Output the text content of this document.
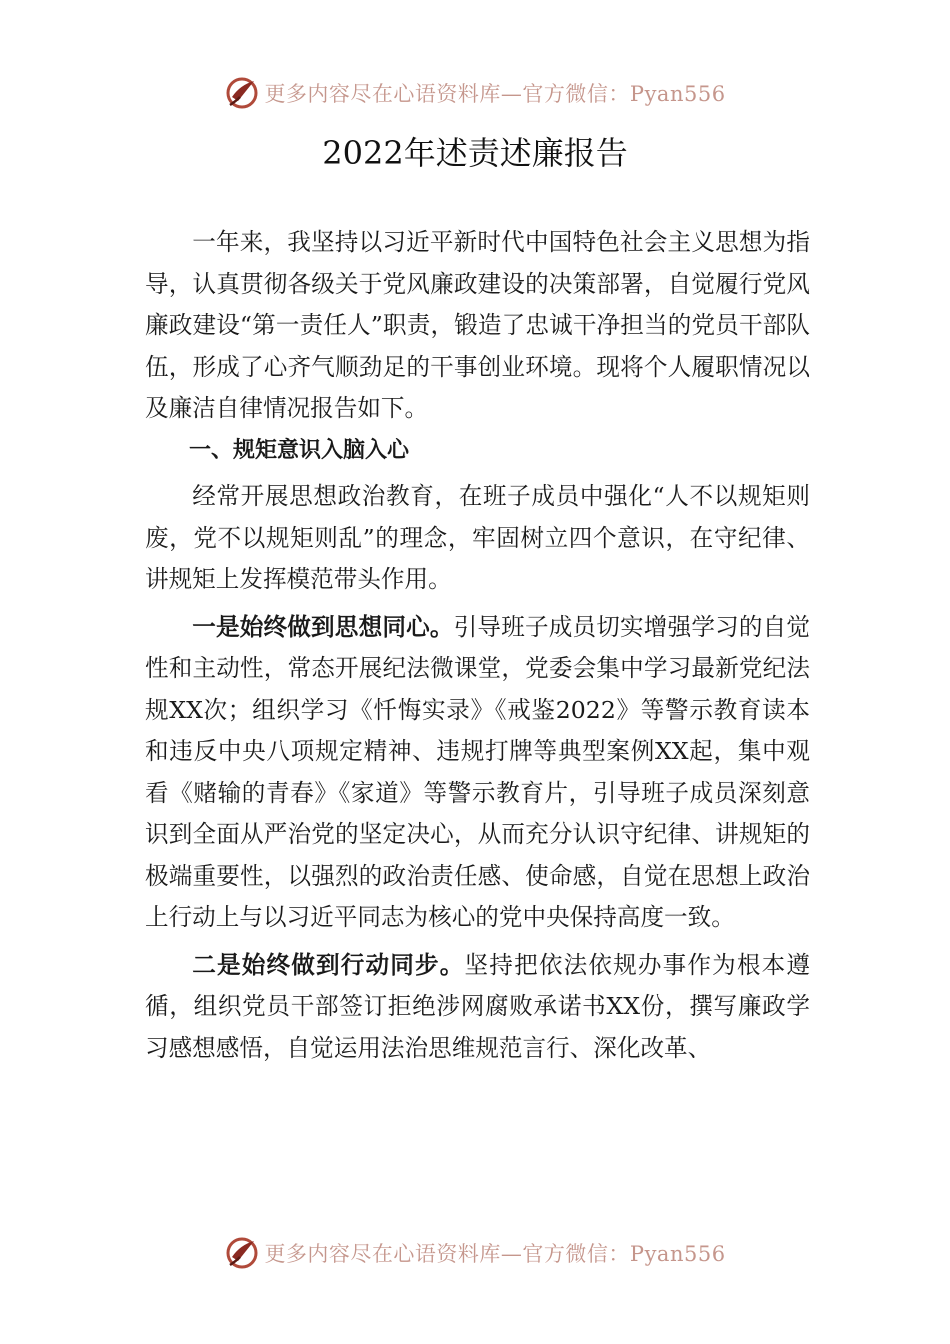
更多内容尽在心语资料库—官方微信：Pyan556
2022年述责述廉报告

一年来，我坚持以习近平新时代中国特色社会主义思想为指导，认真贯彻各级关于党风廉政建设的决策部署，自觉履行党风廉政建设“第一责任人”职责，锻造了忠诚干净担当的党员干部队伍，形成了心齐气顺劲足的干事创业环境。现将个人履职情况以及廉洁自律情况报告如下。

一、规矩意识入脑入心

经常开展思想政治教育，在班子成员中强化“人不以规矩则废，党不以规矩则乱”的理念，牢固树立四个意识，在守纪律、讲规矩上发挥模范带头作用。

一是始终做到思想同心。引导班子成员切实增强学习的自觉性和主动性，常态开展纪法微课堂，党委会集中学习最新党纪法规XX次；组织学习《忏悔实录》《戒鉴2022》等警示教育读本和违反中央八项规定精神、违规打牌等典型案例XX起，集中观看《赌输的青春》《家道》等警示教育片，引导班子成员深刻意识到全面从严治党的坚定决心，从而充分认识守纪律、讲规矩的极端重要性，以强烈的政治责任感、使命感，自觉在思想上政治上行动上与以习近平同志为核心的党中央保持高度一致。

二是始终做到行动同步。坚持把依法依规办事作为根本遵循，组织党员干部签订拒绝涉网腐败承诺书XX份，撰写廉政学习感想感悟，自觉运用法治思维规范言行、深化改革、

更多内容尽在心语资料库—官方微信：Pyan556
